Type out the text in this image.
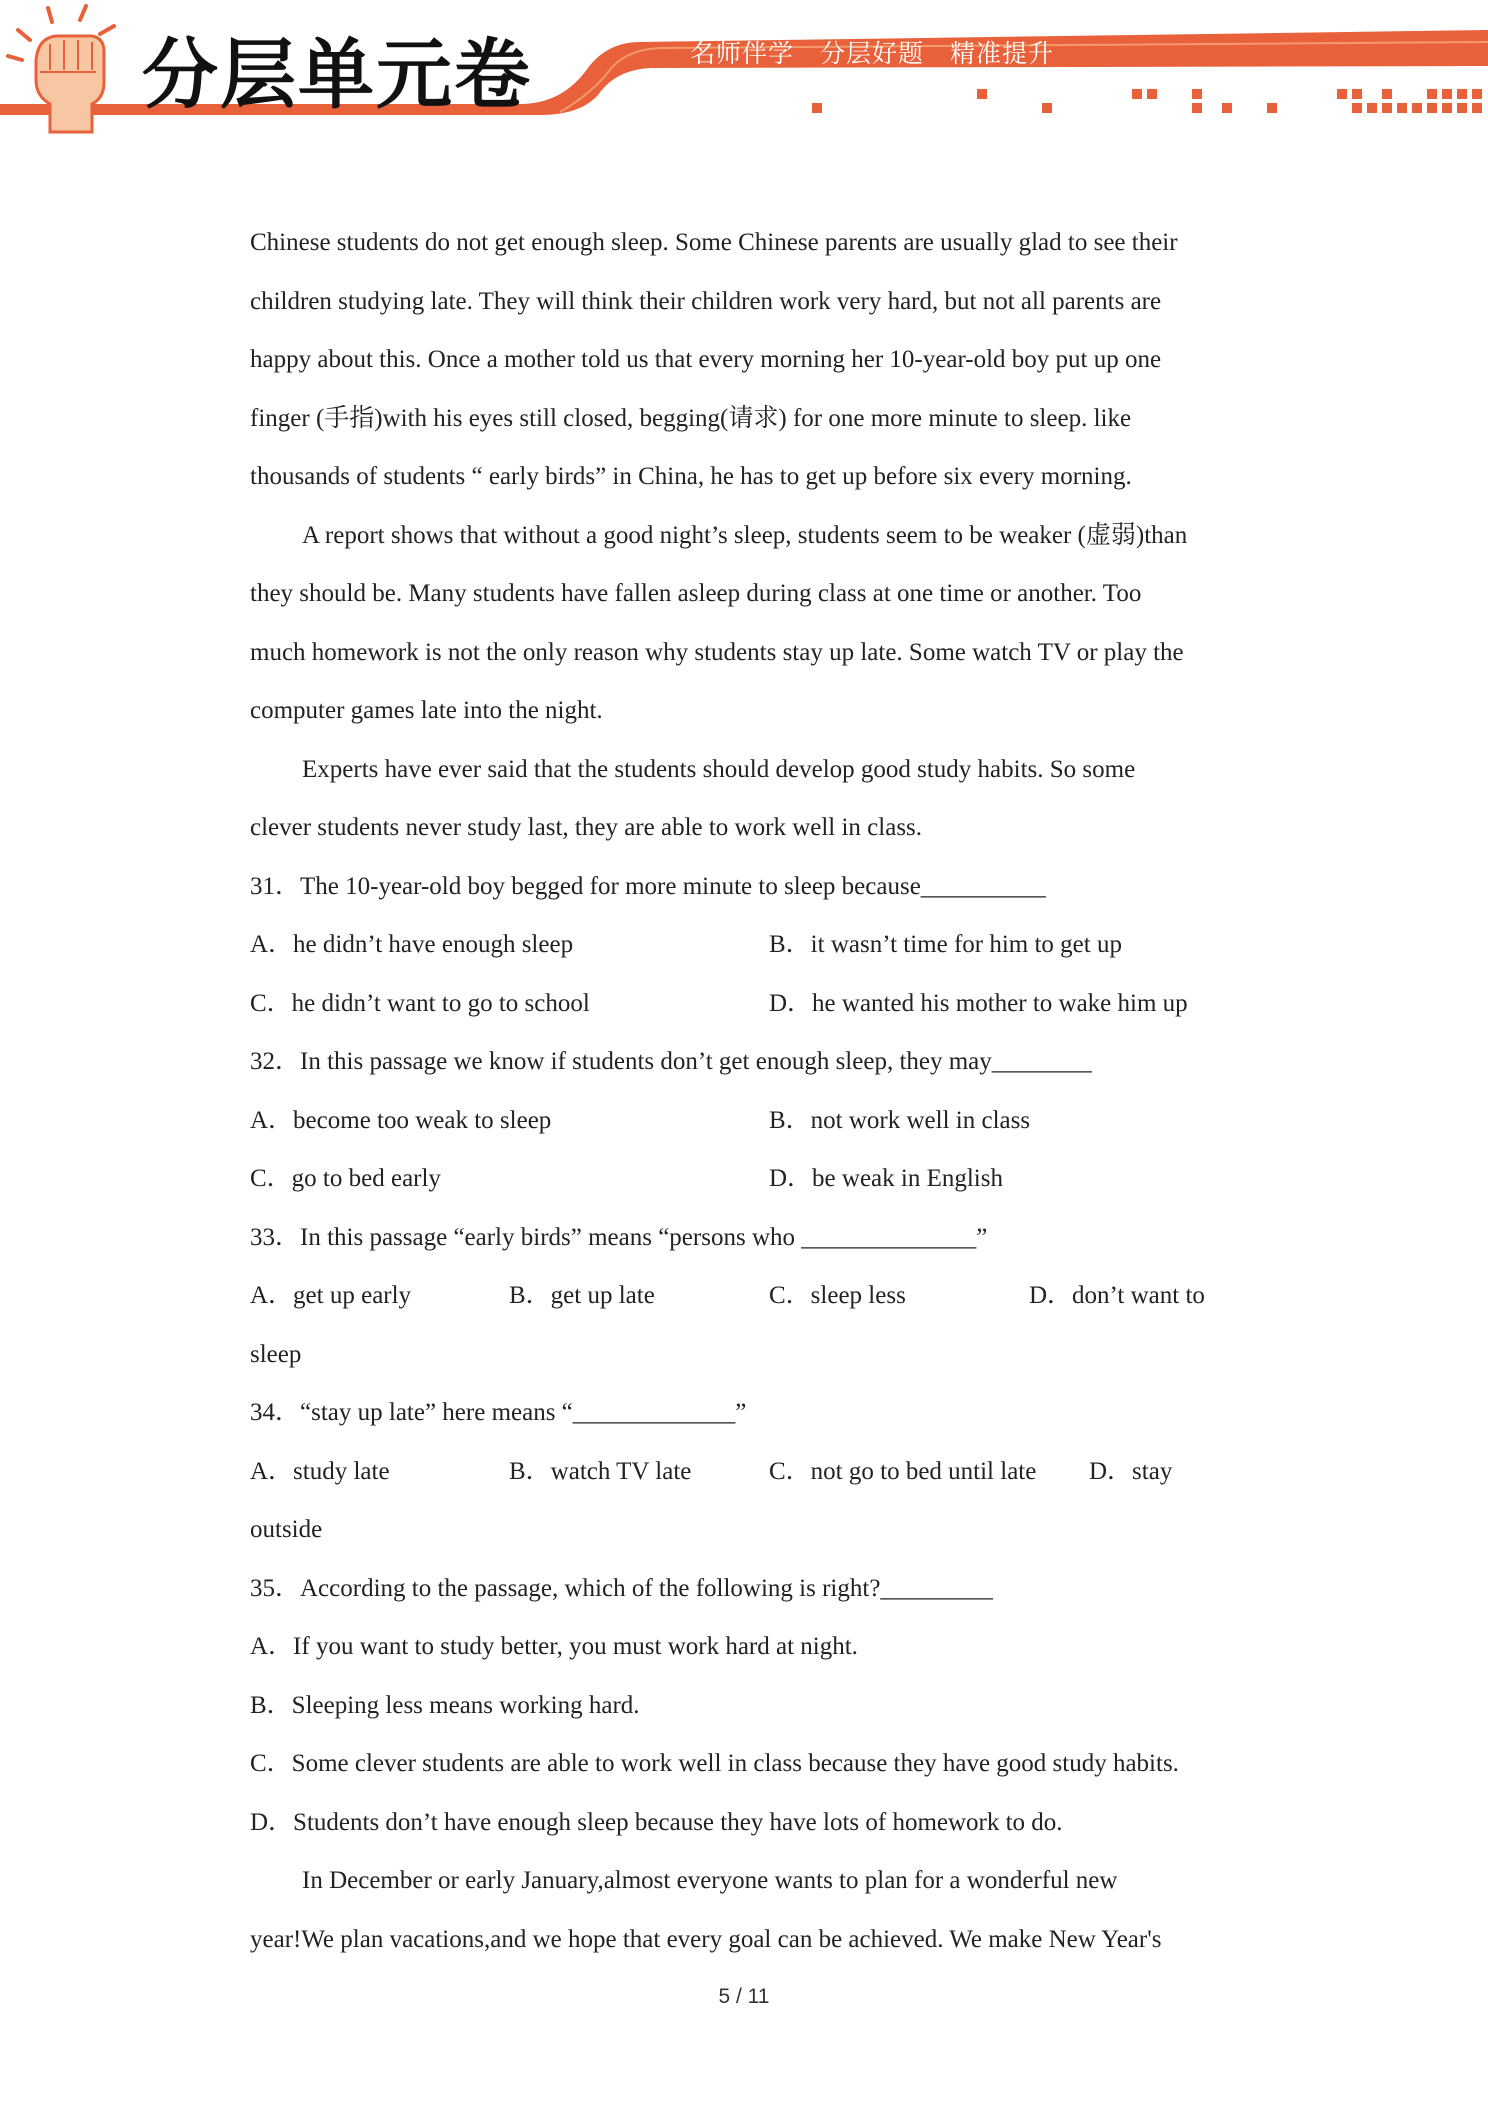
分层单元卷	名师伴学　分层好题　精准提升
Chinese students do not get enough sleep. Some Chinese parents are usually glad to see their
children studying late. They will think their children work very hard, but not all parents are
happy about this. Once a mother told us that every morning her 10-year-old boy put up one
finger (手指)with his eyes still closed, begging(请求) for one more minute to sleep. like
thousands of students “ early birds” in China, he has to get up before six every morning.
A report shows that without a good night’s sleep, students seem to be weaker (虚弱)than
they should be. Many students have fallen asleep during class at one time or another. Too
much homework is not the only reason why students stay up late. Some watch TV or play the
computer games late into the night.
Experts have ever said that the students should develop good study habits. So some
clever students never study last, they are able to work well in class.
31．The 10-year-old boy begged for more minute to sleep because__________
A．he didn’t have enough sleep	B．it wasn’t time for him to get up
C．he didn’t want to go to school	D．he wanted his mother to wake him up
32．In this passage we know if students don’t get enough sleep, they may________
A．become too weak to sleep	B．not work well in class
C．go to bed early	D．be weak in English
33．In this passage “early birds” means “persons who ______________”
A．get up early	B．get up late	C．sleep less	D．don’t want to
sleep
34．“stay up late” here means “_____________”
A．study late	B．watch TV late	C．not go to bed until late D．stay
outside
35．According to the passage, which of the following is right?_________
A．If you want to study better, you must work hard at night.
B．Sleeping less means working hard.
C．Some clever students are able to work well in class because they have good study habits.
D．Students don’t have enough sleep because they have lots of homework to do.
In December or early January,almost everyone wants to plan for a wonderful new
year!We plan vacations,and we hope that every goal can be achieved. We make New Year's
5 / 11
